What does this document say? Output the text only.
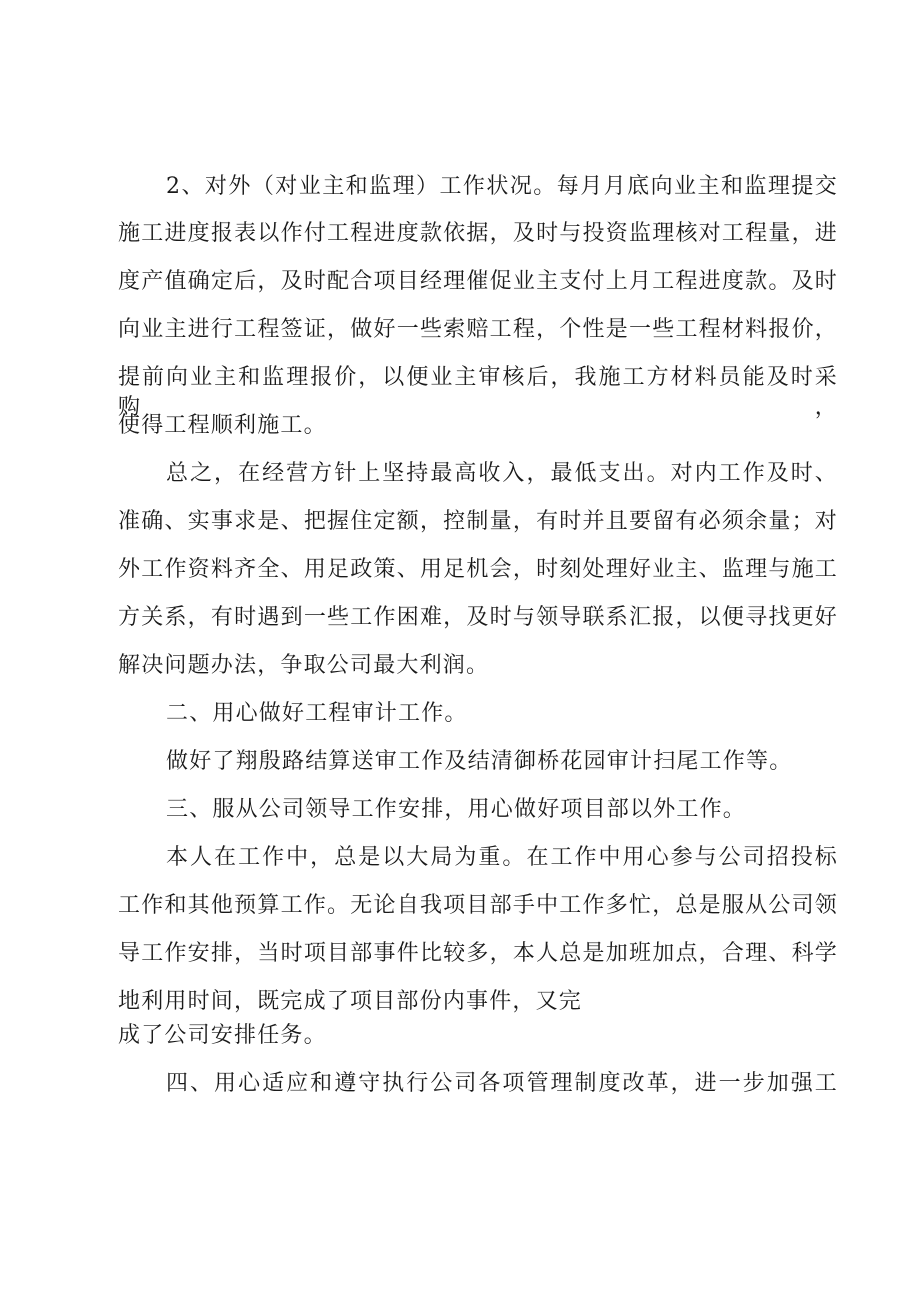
2、对外（对业主和监理）工作状况。每月月底向业主和监理提交
施工进度报表以作付工程进度款依据，及时与投资监理核对工程量，进
度产值确定后，及时配合项目经理催促业主支付上月工程进度款。及时
向业主进行工程签证，做好一些索赔工程，个性是一些工程材料报价，
提前向业主和监理报价，以便业主审核后，我施工方材料员能及时采购，
使得工程顺利施工。
总之，在经营方针上坚持最高收入，最低支出。对内工作及时、
准确、实事求是、把握住定额，控制量，有时并且要留有必须余量；对
外工作资料齐全、用足政策、用足机会，时刻处理好业主、监理与施工
方关系，有时遇到一些工作困难，及时与领导联系汇报，以便寻找更好
解决问题办法，争取公司最大利润。
二、用心做好工程审计工作。
做好了翔殷路结算送审工作及结清御桥花园审计扫尾工作等。
三、服从公司领导工作安排，用心做好项目部以外工作。
本人在工作中，总是以大局为重。在工作中用心参与公司招投标
工作和其他预算工作。无论自我项目部手中工作多忙，总是服从公司领
导工作安排，当时项目部事件比较多，本人总是加班加点，合理、科学
地利用时间，既完成了项目部份内事件，又完
成了公司安排任务。
四、用心适应和遵守执行公司各项管理制度改革，进一步加强工
